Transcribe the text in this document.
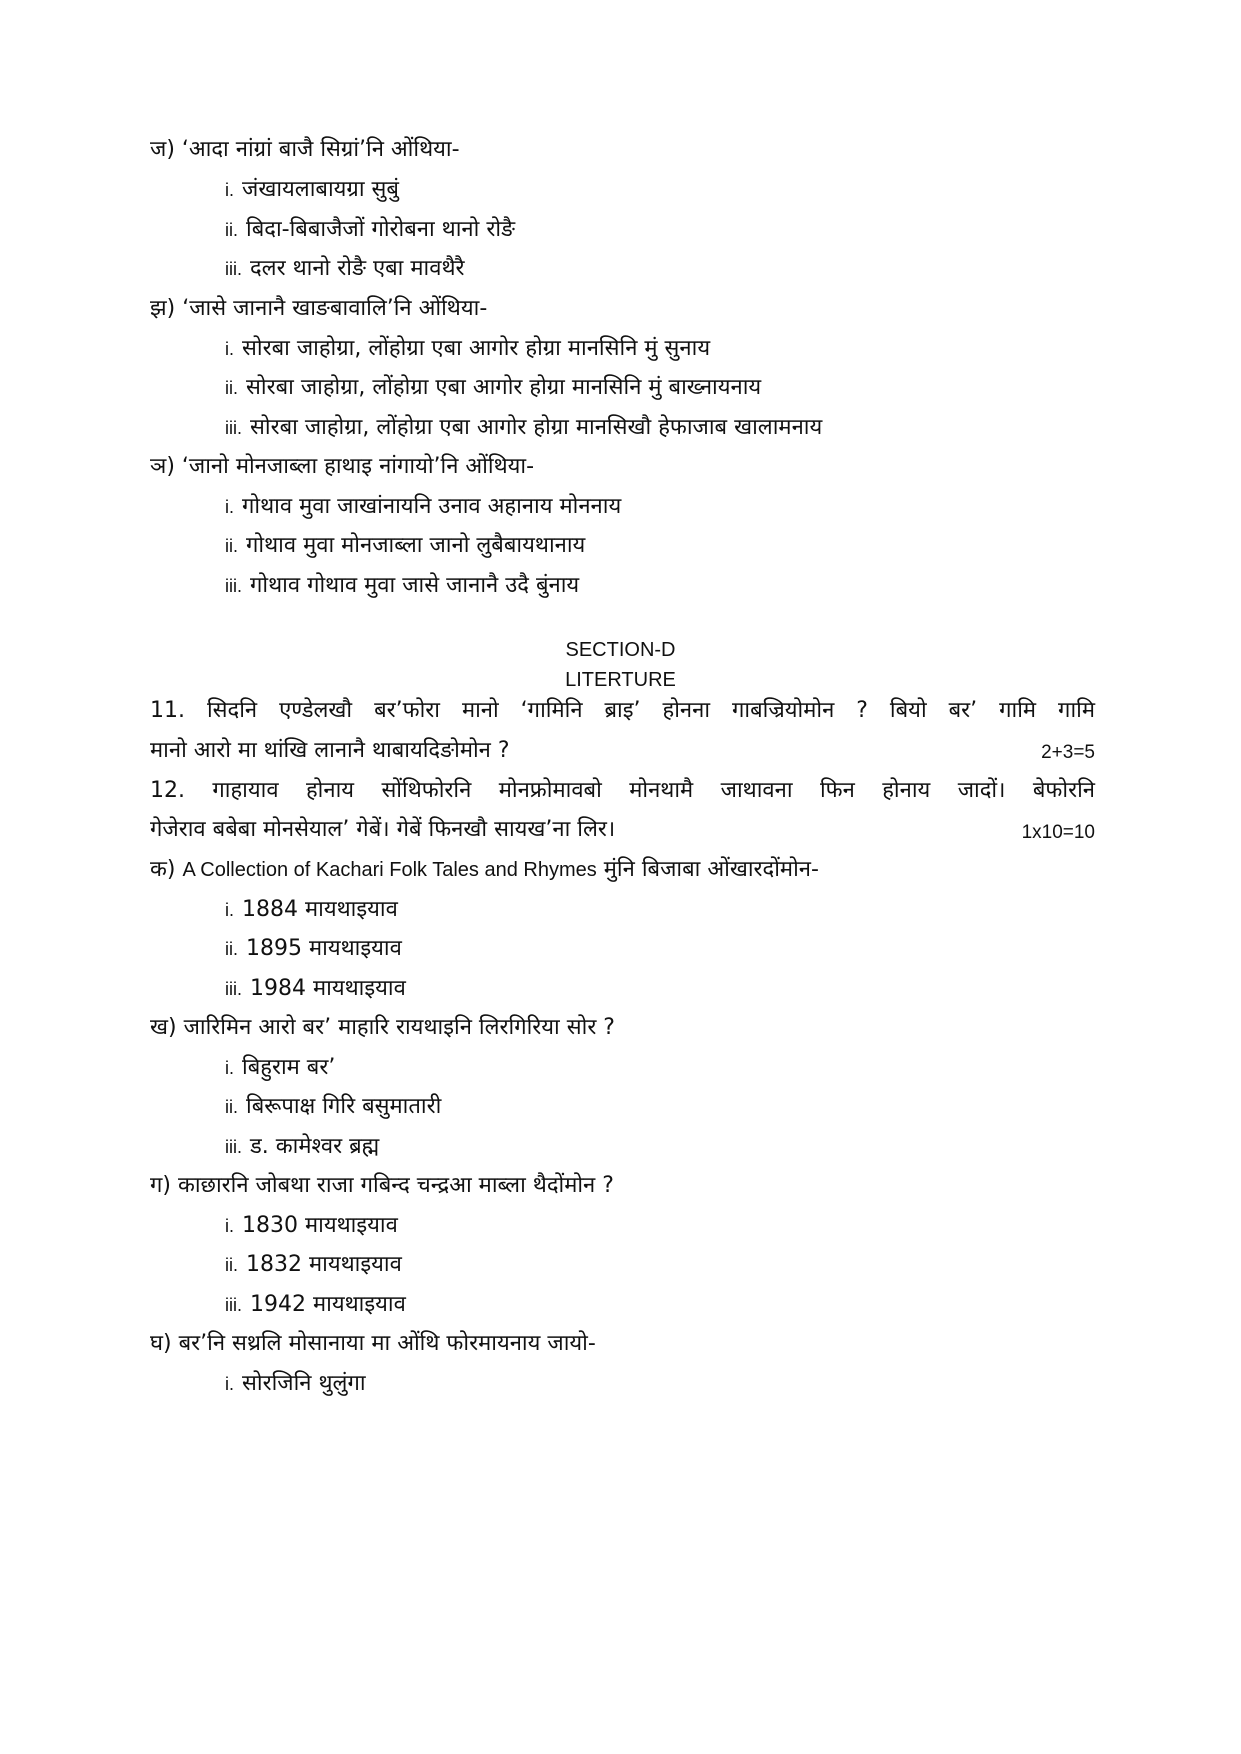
ज) ‘आदा नांग्रां बाजै सिग्रां’नि ओंथिया-
i. जंखायलाबायग्रा सुबुं
ii. बिदा-बिबाजैजों गोरोबना थानो रोङै
iii. दलर थानो रोङै एबा मावथैरै
झ) ‘जासे जानानै खाङबावालि’नि ओंथिया-
i. सोरबा जाहोग्रा, लोंहोग्रा एबा आगोर होग्रा मानसिनि मुं सुनाय
ii. सोरबा जाहोग्रा, लोंहोग्रा एबा आगोर होग्रा मानसिनि मुं बाख्नायनाय
iii. सोरबा जाहोग्रा, लोंहोग्रा एबा आगोर होग्रा मानसिखौ हेफाजाब खालामनाय
ञ) ‘जानो मोनजाब्ला हाथाइ नांगायो’नि ओंथिया-
i. गोथाव मुवा जाखांनायनि उनाव अहानाय मोननाय
ii. गोथाव मुवा मोनजाब्ला जानो लुबैबायथानाय
iii. गोथाव गोथाव मुवा जासे जानानै उदै बुंनाय
SECTION-D
LITERTURE
11. सिदनि एण्डेलखौ बर’फोरा मानो ‘गामिनि ब्राइ’ होनना गाबज्रियोमोन ? बियो बर’ गामि गामि
मानो आरो मा थांखि लानानै थाबायदिङोमोन ?	2+3=5
12. गाहायाव होनाय सोंथिफोरनि मोनफ्रोमावबो मोनथामै जाथावना फिन होनाय जादों। बेफोरनि
गेजेराव बबेबा मोनसेयाल’ गेबें। गेबें फिनखौ सायख’ना लिर।	1x10=10
क) A Collection of Kachari Folk Tales and Rhymes मुंनि बिजाबा ओंखारदोंमोन-
i. 1884 मायथाइयाव
ii. 1895 मायथाइयाव
iii. 1984 मायथाइयाव
ख) जारिमिन आरो बर’ माहारि रायथाइनि लिरगिरिया सोर ?
i. बिहुराम बर’
ii. बिरूपाक्ष गिरि बसुमातारी
iii. ड. कामेश्वर ब्रह्म
ग) काछारनि जोबथा राजा गबिन्द चन्द्रआ माब्ला थैदोंमोन ?
i. 1830 मायथाइयाव
ii. 1832 मायथाइयाव
iii. 1942 मायथाइयाव
घ) बर’नि सथ्रलि मोसानाया मा ओंथि फोरमायनाय जायो-
i. सोरजिनि थुलुंगा
